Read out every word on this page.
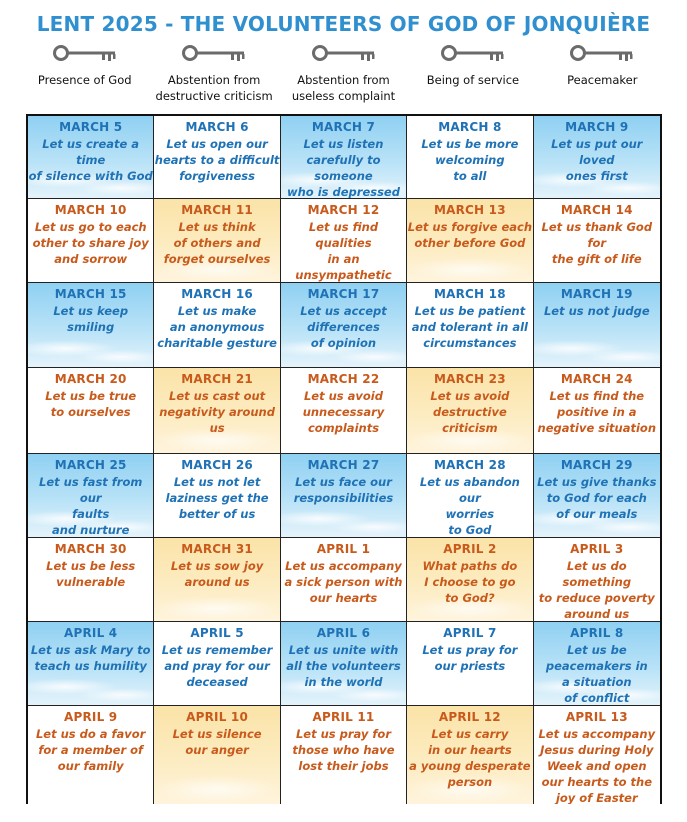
LENT 2025 - THE VOLUNTEERS OF GOD OF JONQUIÈRE
Presence of God	Abstention from
destructive criticism
Abstention from
useless complaint
Being of service	Peacemaker
MARCH 5
Let us create a time
of silence with God
MARCH 6
Let us open our
hearts to a difficult
forgiveness
MARCH 7
Let us listen
carefully to someone
who is depressed
MARCH 8
Let us be more
welcoming
to all
MARCH 9
Let us put our loved
ones first
MARCH 10
Let us go to each
other to share joy
and sorrow
MARCH 11
Let us think
of others and
forget ourselves
MARCH 12
Let us find qualities
in an unsympathetic

MARCH 13
Let us forgive each
other before God
MARCH 14
Let us thank God for
the gift of life
MARCH 15
Let us keep smiling
MARCH 16
Let us make
an anonymous
charitable gesture
MARCH 17
Let us accept
differences
of opinion
MARCH 18
Let us be patient
and tolerant in all
circumstances
MARCH 19
Let us not judge
MARCH 20
Let us be true
to ourselves
MARCH 21
Let us cast out
negativity around us
MARCH 22
Let us avoid
unnecessary
complaints
MARCH 23
Let us avoid
destructive criticism
MARCH 24
Let us find the
positive in a
negative situation
MARCH 25
Let us fast from our
faults
and nurture

MARCH 26
Let us not let
laziness get the
better of us
MARCH 27
Let us face our
responsibilities
MARCH 28
Let us abandon our
worries
to God
MARCH 29
Let us give thanks
to God for each
of our meals
MARCH 30
Let us be less
vulnerable
MARCH 31
Let us sow joy
around us
APRIL 1
Let us accompany
a sick person with
our hearts
APRIL 2
What paths do
I choose to go
to God?
APRIL 3
Let us do something
to reduce poverty
around us
APRIL 4
Let us ask Mary to
teach us humility
APRIL 5
Let us remember
and pray for our
deceased
APRIL 6
Let us unite with
all the volunteers
in the world
APRIL 7
Let us pray for
our priests
APRIL 8
Let us be
peacemakers in
a situation
of conflict
APRIL 9
Let us do a favor
for a member of
our family
APRIL 10
Let us silence
our anger
APRIL 11
Let us pray for
those who have
lost their jobs
APRIL 12
Let us carry
in our hearts
a young desperate
person
APRIL 13
Let us accompany
Jesus during Holy
Week and open
our hearts to the
joy of Easter
